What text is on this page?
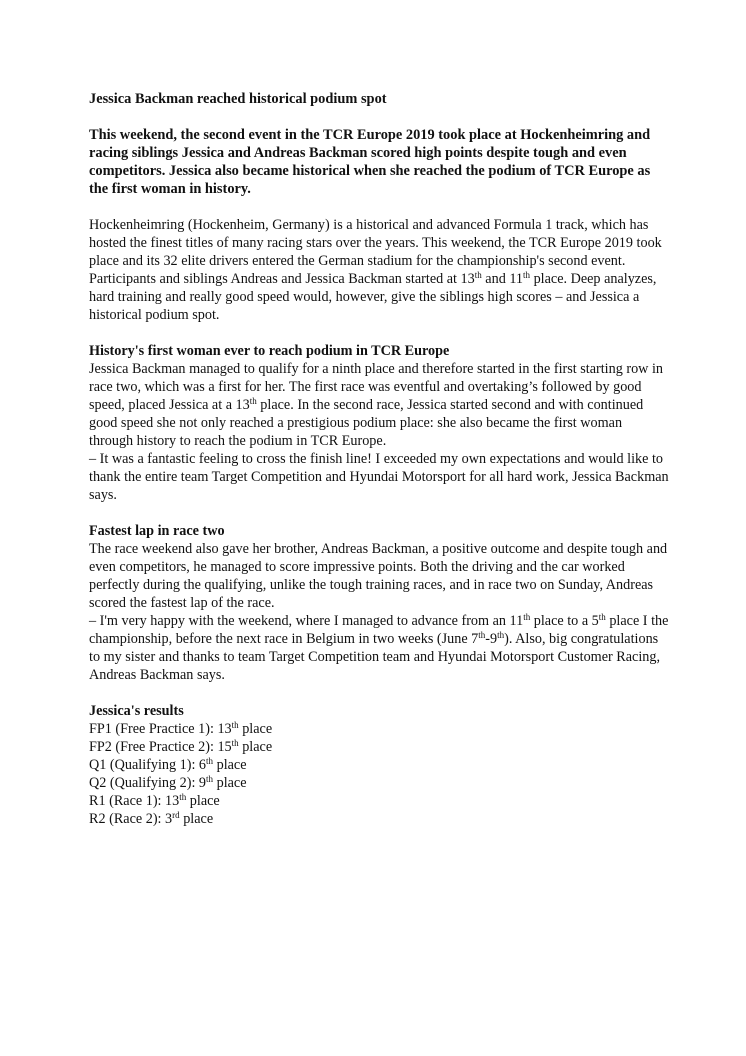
Jessica Backman reached historical podium spot

This weekend, the second event in the TCR Europe 2019 took place at Hockenheimring and racing siblings Jessica and Andreas Backman scored high points despite tough and even competitors. Jessica also became historical when she reached the podium of TCR Europe as the first woman in history.

Hockenheimring (Hockenheim, Germany) is a historical and advanced Formula 1 track, which has hosted the finest titles of many racing stars over the years. This weekend, the TCR Europe 2019 took place and its 32 elite drivers entered the German stadium for the championship's second event. Participants and siblings Andreas and Jessica Backman started at 13th and 11th place. Deep analyzes, hard training and really good speed would, however, give the siblings high scores – and Jessica a historical podium spot.

History's first woman ever to reach podium in TCR Europe

Jessica Backman managed to qualify for a ninth place and therefore started in the first starting row in race two, which was a first for her. The first race was eventful and overtaking’s followed by good speed, placed Jessica at a 13th place. In the second race, Jessica started second and with continued good speed she not only reached a prestigious podium place: she also became the first woman through history to reach the podium in TCR Europe.

– It was a fantastic feeling to cross the finish line! I exceeded my own expectations and would like to thank the entire team Target Competition and Hyundai Motorsport for all hard work, Jessica Backman says.

Fastest lap in race two

The race weekend also gave her brother, Andreas Backman, a positive outcome and despite tough and even competitors, he managed to score impressive points. Both the driving and the car worked perfectly during the qualifying, unlike the tough training races, and in race two on Sunday, Andreas scored the fastest lap of the race.

– I'm very happy with the weekend, where I managed to advance from an 11th place to a 5th place I the championship, before the next race in Belgium in two weeks (June 7th-9th). Also, big congratulations to my sister and thanks to team Target Competition team and Hyundai Motorsport Customer Racing, Andreas Backman says.

Jessica's results

FP1 (Free Practice 1): 13th place

FP2 (Free Practice 2): 15th place

Q1 (Qualifying 1): 6th place

Q2 (Qualifying 2): 9th place

R1 (Race 1): 13th place

R2 (Race 2): 3rd place
